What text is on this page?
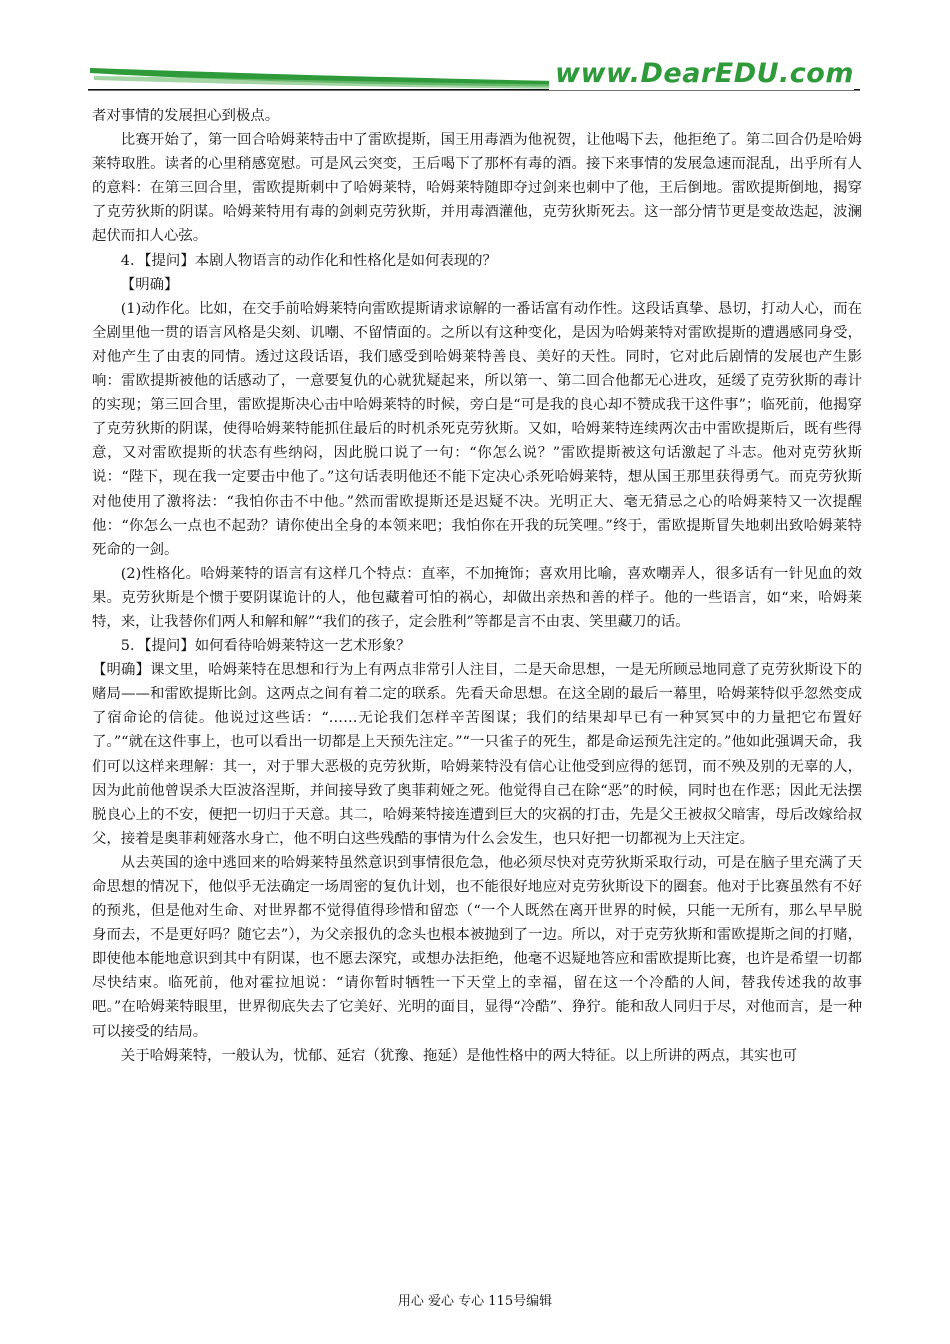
www.DearEDU.com

者对事情的发展担心到极点。

比赛开始了，第一回合哈姆莱特击中了雷欧提斯，国王用毒酒为他祝贺，让他喝下去，他拒绝了。第二回合仍是哈姆莱特取胜。读者的心里稍感宽慰。可是风云突变，王后喝下了那杯有毒的酒。接下来事情的发展急速而混乱，出乎所有人的意料：在第三回合里，雷欧提斯刺中了哈姆莱特，哈姆莱特随即夺过剑来也刺中了他，王后倒地。雷欧提斯倒地，揭穿了克劳狄斯的阴谋。哈姆莱特用有毒的剑刺克劳狄斯，并用毒酒灌他，克劳狄斯死去。这一部分情节更是变故迭起，波澜起伏而扣人心弦。

4．【提问】本剧人物语言的动作化和性格化是如何表现的？

【明确】

(1)动作化。比如，在交手前哈姆莱特向雷欧提斯请求谅解的一番话富有动作性。这段话真挚、恳切，打动人心，而在全剧里他一贯的语言风格是尖刻、讥嘲、不留情面的。之所以有这种变化，是因为哈姆莱特对雷欧提斯的遭遇感同身受，对他产生了由衷的同情。透过这段话语，我们感受到哈姆莱特善良、美好的天性。同时，它对此后剧情的发展也产生影响：雷欧提斯被他的话感动了，一意要复仇的心就犹疑起来，所以第一、第二回合他都无心进攻，延缓了克劳狄斯的毒计的实现；第三回合里，雷欧提斯决心击中哈姆莱特的时候，旁白是“可是我的良心却不赞成我干这件事”；临死前，他揭穿了克劳狄斯的阴谋，使得哈姆莱特能抓住最后的时机杀死克劳狄斯。又如，哈姆莱特连续两次击中雷欧提斯后，既有些得意，又对雷欧提斯的状态有些纳闷，因此脱口说了一句：“你怎么说？”雷欧提斯被这句话激起了斗志。他对克劳狄斯说：“陛下，现在我一定要击中他了。”这句话表明他还不能下定决心杀死哈姆莱特，想从国王那里获得勇气。而克劳狄斯对他使用了激将法：“我怕你击不中他。”然而雷欧提斯还是迟疑不决。光明正大、毫无猜忌之心的哈姆莱特又一次提醒他：“你怎么一点也不起劲？请你使出全身的本领来吧；我怕你在开我的玩笑哩。”终于，雷欧提斯冒失地刺出致哈姆莱特死命的一剑。

(2)性格化。哈姆莱特的语言有这样几个特点：直率，不加掩饰；喜欢用比喻，喜欢嘲弄人，很多话有一针见血的效果。克劳狄斯是个惯于要阴谋诡计的人，他包藏着可怕的祸心，却做出亲热和善的样子。他的一些语言，如“来，哈姆莱特，来，让我替你们两人和解和解”“我们的孩子，定会胜利”等都是言不由衷、笑里藏刀的话。

5．【提问】如何看待哈姆莱特这一艺术形象？

【明确】课文里，哈姆莱特在思想和行为上有两点非常引人注目，二是天命思想，一是无所顾忌地同意了克劳狄斯设下的赌局——和雷欧提斯比剑。这两点之间有着二定的联系。先看天命思想。在这全剧的最后一幕里，哈姆莱特似乎忽然变成了宿命论的信徒。他说过这些话：“……无论我们怎样辛苦图谋；我们的结果却早已有一种冥冥中的力量把它布置好了。”“就在这件事上，也可以看出一切都是上天预先注定。”“一只雀子的死生，都是命运预先注定的。”他如此强调天命，我们可以这样来理解：其一，对于罪大恶极的克劳狄斯，哈姆莱特没有信心让他受到应得的惩罚，而不殃及别的无辜的人，因为此前他曾误杀大臣波洛涅斯，并间接导致了奥菲莉娅之死。他觉得自己在除“恶”的时候，同时也在作恶；因此无法摆脱良心上的不安，便把一切归于天意。其二，哈姆莱特接连遭到巨大的灾祸的打击，先是父王被叔父暗害，母后改嫁给叔父，接着是奥菲莉娅落水身亡，他不明白这些残酷的事情为什么会发生，也只好把一切都视为上天注定。

从去英国的途中逃回来的哈姆莱特虽然意识到事情很危急，他必须尽快对克劳狄斯采取行动，可是在脑子里充满了天命思想的情况下，他似乎无法确定一场周密的复仇计划，也不能很好地应对克劳狄斯设下的圈套。他对于比赛虽然有不好的预兆，但是他对生命、对世界都不觉得值得珍惜和留恋（“一个人既然在离开世界的时候，只能一无所有，那么早早脱身而去，不是更好吗？随它去”），为父亲报仇的念头也根本被抛到了一边。所以，对于克劳狄斯和雷欧提斯之间的打赌，即使他本能地意识到其中有阴谋，也不愿去深究，或想办法拒绝，他毫不迟疑地答应和雷欧提斯比赛，也许是希望一切都尽快结束。临死前，他对霍拉旭说：“请你暂时牺牲一下天堂上的幸福，留在这一个冷酷的人间，替我传述我的故事吧。”在哈姆莱特眼里，世界彻底失去了它美好、光明的面目，显得“冷酷”、狰狞。能和敌人同归于尽，对他而言，是一种可以接受的结局。

关于哈姆莱特，一般认为，忧郁、延宕（犹豫、拖延）是他性格中的两大特征。以上所讲的两点，其实也可

用心 爱心 专心 115号编辑
